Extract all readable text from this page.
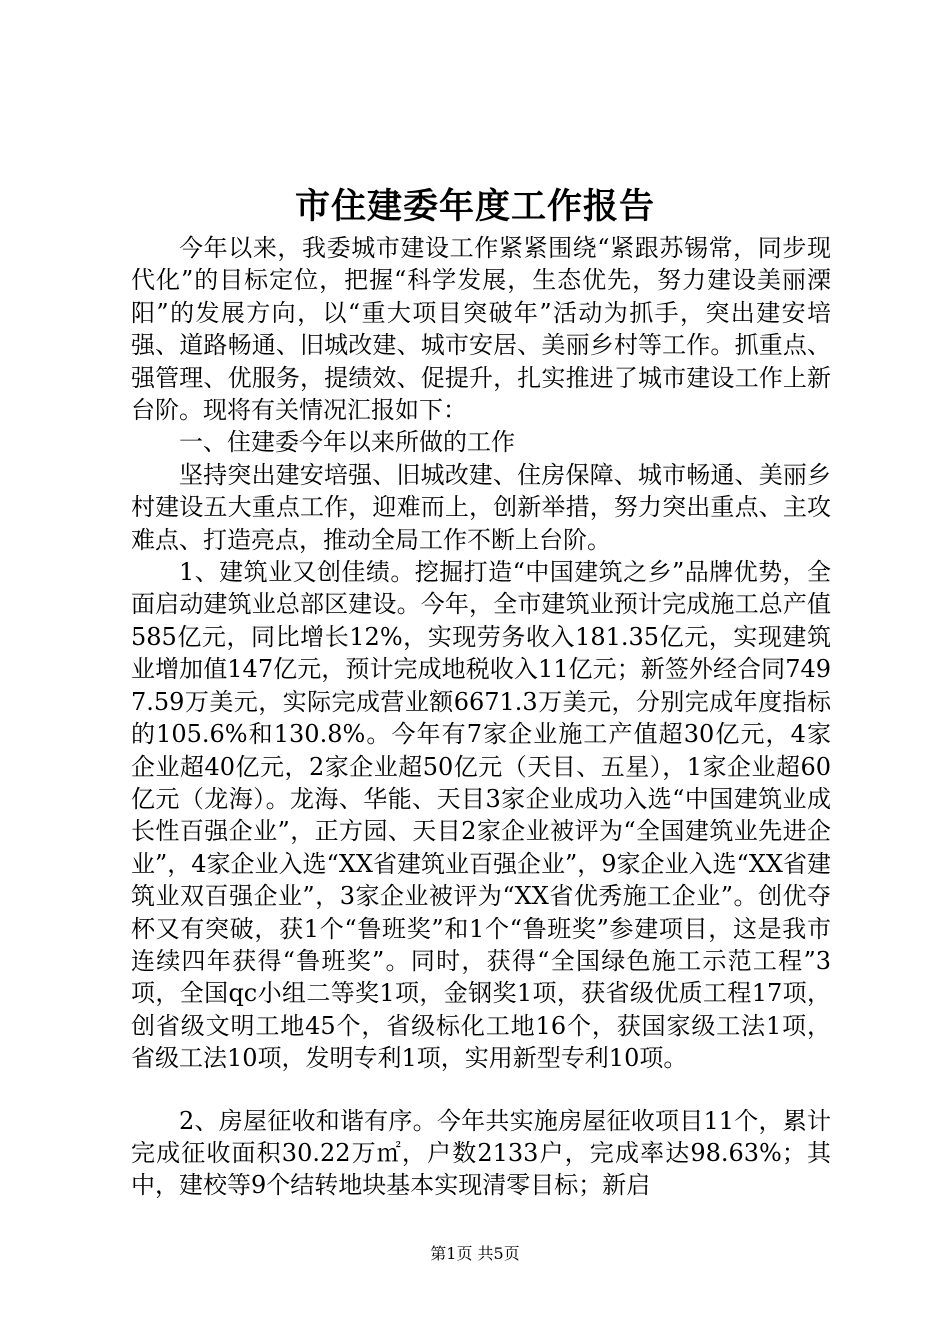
市住建委年度工作报告

今年以来，我委城市建设工作紧紧围绕“紧跟苏锡常，同步现代化”的目标定位，把握“科学发展，生态优先，努力建设美丽溧阳”的发展方向，以“重大项目突破年”活动为抓手，突出建安培强、道路畅通、旧城改建、城市安居、美丽乡村等工作。抓重点、强管理、优服务，提绩效、促提升，扎实推进了城市建设工作上新台阶。现将有关情况汇报如下：

一、住建委今年以来所做的工作

坚持突出建安培强、旧城改建、住房保障、城市畅通、美丽乡村建设五大重点工作，迎难而上，创新举措，努力突出重点、主攻难点、打造亮点，推动全局工作不断上台阶。

1、建筑业又创佳绩。挖掘打造“中国建筑之乡”品牌优势，全面启动建筑业总部区建设。今年，全市建筑业预计完成施工总产值585亿元，同比增长12%，实现劳务收入181.35亿元，实现建筑业增加值147亿元，预计完成地税收入11亿元；新签外经合同7497.59万美元，实际完成营业额6671.3万美元，分别完成年度指标的105.6%和130.8%。今年有7家企业施工产值超30亿元，4家企业超40亿元，2家企业超50亿元（天目、五星），1家企业超60亿元（龙海）。龙海、华能、天目3家企业成功入选“中国建筑业成长性百强企业”，正方园、天目2家企业被评为“全国建筑业先进企业”，4家企业入选“XX省建筑业百强企业”，9家企业入选“XX省建筑业双百强企业”，3家企业被评为“XX省优秀施工企业”。创优夺杯又有突破，获1个“鲁班奖”和1个“鲁班奖”参建项目，这是我市连续四年获得“鲁班奖”。同时，获得“全国绿色施工示范工程”3项，全国qc小组二等奖1项，金钢奖1项，获省级优质工程17项，创省级文明工地45个，省级标化工地16个，获国家级工法1项，省级工法10项，发明专利1项，实用新型专利10项。

2、房屋征收和谐有序。今年共实施房屋征收项目11个，累计完成征收面积30.22万㎡，户数2133户，完成率达98.63%；其中，建校等9个结转地块基本实现清零目标；新启

第1页 共5页
